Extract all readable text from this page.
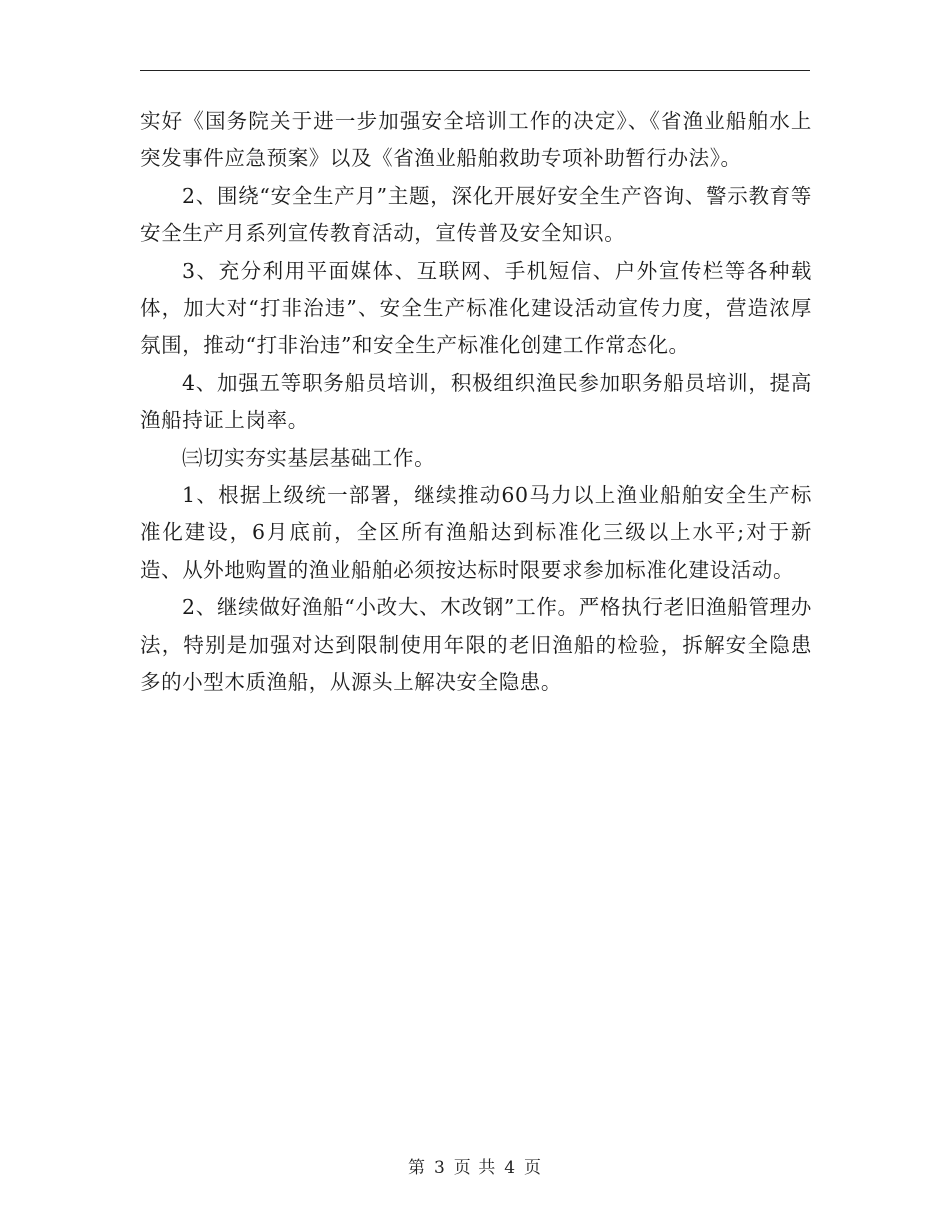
实好《国务院关于进一步加强安全培训工作的决定》、《省渔业船舶水上突发事件应急预案》以及《省渔业船舶救助专项补助暂行办法》。

2、围绕“安全生产月”主题，深化开展好安全生产咨询、警示教育等安全生产月系列宣传教育活动，宣传普及安全知识。

3、充分利用平面媒体、互联网、手机短信、户外宣传栏等各种载体，加大对“打非治违”、安全生产标准化建设活动宣传力度，营造浓厚氛围，推动“打非治违”和安全生产标准化创建工作常态化。

4、加强五等职务船员培训，积极组织渔民参加职务船员培训，提高渔船持证上岗率。

㈢切实夯实基层基础工作。

1、根据上级统一部署，继续推动60马力以上渔业船舶安全生产标准化建设，6月底前，全区所有渔船达到标准化三级以上水平;对于新造、从外地购置的渔业船舶必须按达标时限要求参加标准化建设活动。

2、继续做好渔船“小改大、木改钢”工作。严格执行老旧渔船管理办法，特别是加强对达到限制使用年限的老旧渔船的检验，拆解安全隐患多的小型木质渔船，从源头上解决安全隐患。

第 3 页 共 4 页
